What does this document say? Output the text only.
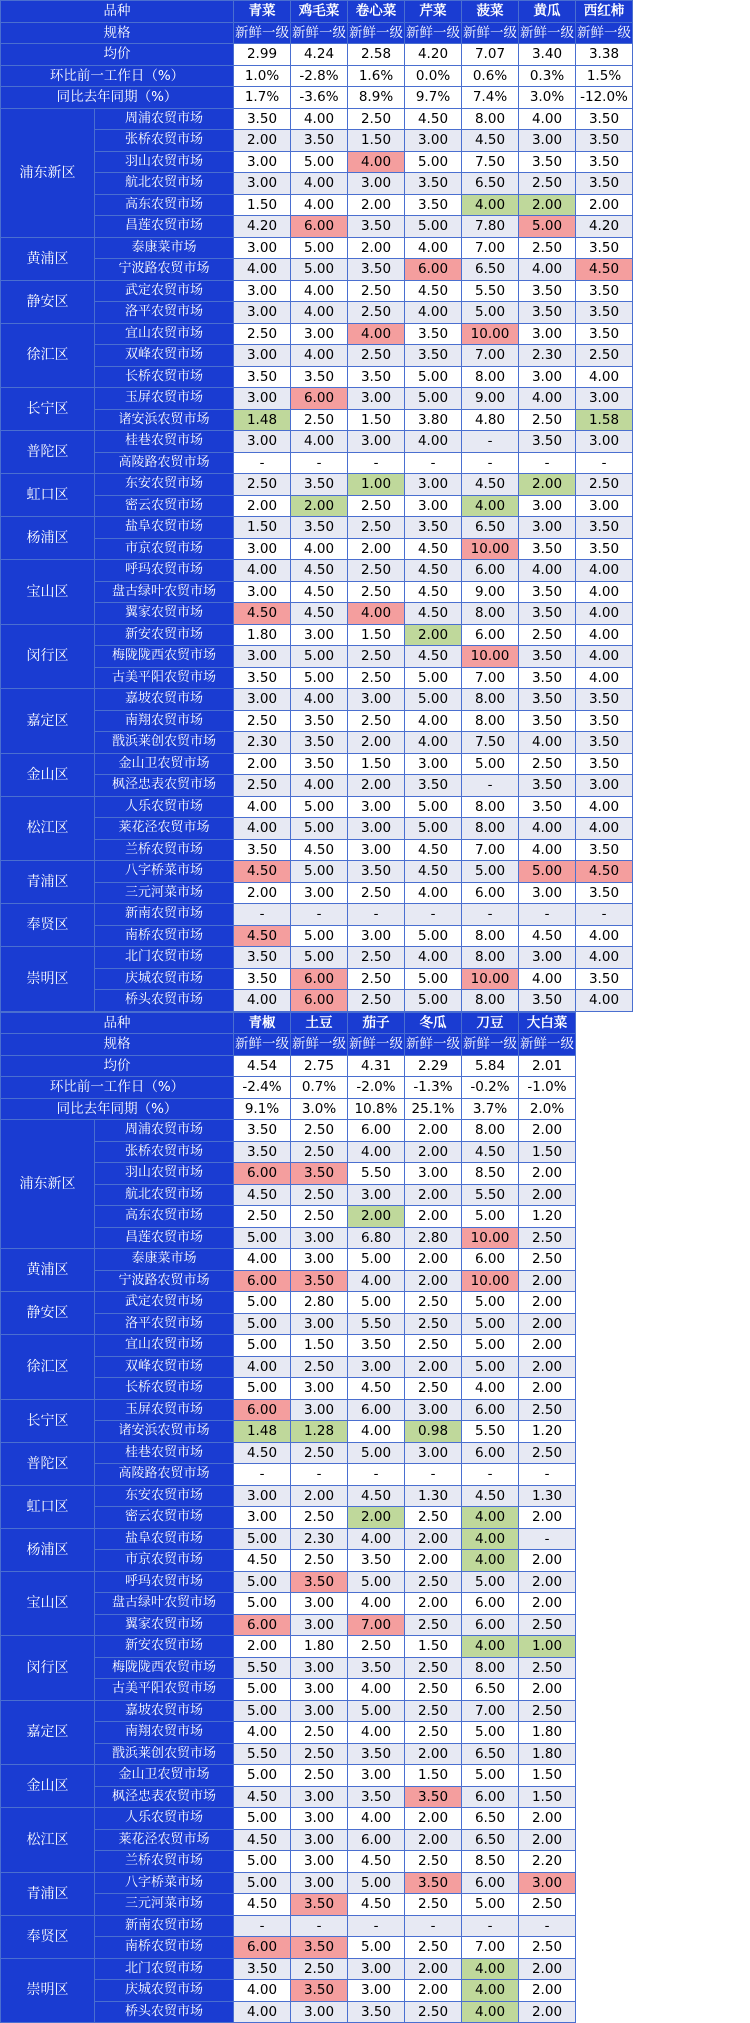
品种		青菜	鸡毛菜	卷心菜	芹菜	菠菜	黄瓜	西红柿
规格		新鲜一级	新鲜一级	新鲜一级	新鲜一级	新鲜一级	新鲜一级	新鲜一级
均价		2.99	4.24	2.58	4.20	7.07	3.40	3.38
环比前一工作日（%）		1.0%	-2.8%	1.6%	0.0%	0.6%	0.3%	1.5%
同比去年同期（%）		1.7%	-3.6%	8.9%	9.7%	7.4%	3.0%	-12.0%
浦东新区	周浦农贸市场	3.50	4.00	2.50	4.50	8.00	4.00	3.50
	张桥农贸市场	2.00	3.50	1.50	3.00	4.50	3.00	3.50
	羽山农贸市场	3.00	5.00	4.00	5.00	7.50	3.50	3.50
	航北农贸市场	3.00	4.00	3.00	3.50	6.50	2.50	3.50
	高东农贸市场	1.50	4.00	2.00	3.50	4.00	2.00	2.00
	昌莲农贸市场	4.20	6.00	3.50	5.00	7.80	5.00	4.20
黄浦区	泰康菜市场	3.00	5.00	2.00	4.00	7.00	2.50	3.50
	宁波路农贸市场	4.00	5.00	3.50	6.00	6.50	4.00	4.50
静安区	武定农贸市场	3.00	4.00	2.50	4.50	5.50	3.50	3.50
	洛平农贸市场	3.00	4.00	2.50	4.00	5.00	3.50	3.50
徐汇区	宜山农贸市场	2.50	3.00	4.00	3.50	10.00	3.00	3.50
	双峰农贸市场	3.00	4.00	2.50	3.50	7.00	2.30	2.50
	长桥农贸市场	3.50	3.50	3.50	5.00	8.00	3.00	4.00
长宁区	玉屏农贸市场	3.00	6.00	3.00	5.00	9.00	4.00	3.00
	诸安浜农贸市场	1.48	2.50	1.50	3.80	4.80	2.50	1.58
普陀区	桂巷农贸市场	3.00	4.00	3.00	4.00	-	3.50	3.00
	高陵路农贸市场	-	-	-	-	-	-	-
虹口区	东安农贸市场	2.50	3.50	1.00	3.00	4.50	2.00	2.50
	密云农贸市场	2.00	2.00	2.50	3.00	4.00	3.00	3.00
杨浦区	盐阜农贸市场	1.50	3.50	2.50	3.50	6.50	3.00	3.50
	市京农贸市场	3.00	4.00	2.00	4.50	10.00	3.50	3.50
宝山区	呼玛农贸市场	4.00	4.50	2.50	4.50	6.00	4.00	4.00
	盘古绿叶农贸市场	3.00	4.50	2.50	4.50	9.00	3.50	4.00
	翼家农贸市场	4.50	4.50	4.00	4.50	8.00	3.50	4.00
闵行区	新安农贸市场	1.80	3.00	1.50	2.00	6.00	2.50	4.00
	梅陇陇西农贸市场	3.00	5.00	2.50	4.50	10.00	3.50	4.00
	古美平阳农贸市场	3.50	5.00	2.50	5.00	7.00	3.50	4.00
嘉定区	嘉坡农贸市场	3.00	4.00	3.00	5.00	8.00	3.50	3.50
	南翔农贸市场	2.50	3.50	2.50	4.00	8.00	3.50	3.50
	戬浜莱创农贸市场	2.30	3.50	2.00	4.00	7.50	4.00	3.50
金山区	金山卫农贸市场	2.00	3.50	1.50	3.00	5.00	2.50	3.50
	枫泾忠表农贸市场	2.50	4.00	2.00	3.50	-	3.50	3.00
松江区	人乐农贸市场	4.00	5.00	3.00	5.00	8.00	3.50	4.00
	莱花泾农贸市场	4.00	5.00	3.00	5.00	8.00	4.00	4.00
	兰桥农贸市场	3.50	4.50	3.00	4.50	7.00	4.00	3.50
青浦区	八字桥菜市场	4.50	5.00	3.50	4.50	5.00	5.00	4.50
	三元河菜市场	2.00	3.00	2.50	4.00	6.00	3.00	3.50
奉贤区	新南农贸市场	-	-	-	-	-	-	-
	南桥农贸市场	4.50	5.00	3.00	5.00	8.00	4.50	4.00
崇明区	北门农贸市场	3.50	5.00	2.50	4.00	8.00	3.00	4.00
	庆城农贸市场	3.50	6.00	2.50	5.00	10.00	4.00	3.50
	桥头农贸市场	4.00	6.00	2.50	5.00	8.00	3.50	4.00
品种		青椒	土豆	茄子	冬瓜	刀豆	大白菜	
规格		新鲜一级	新鲜一级	新鲜一级	新鲜一级	新鲜一级	新鲜一级	
均价		4.54	2.75	4.31	2.29	5.84	2.01	
环比前一工作日（%）		-2.4%	0.7%	-2.0%	-1.3%	-0.2%	-1.0%	
同比去年同期（%）		9.1%	3.0%	10.8%	25.1%	3.7%	2.0%	
浦东新区	周浦农贸市场	3.50	2.50	6.00	2.00	8.00	2.00	
	张桥农贸市场	3.50	2.50	4.00	2.00	4.50	1.50	
	羽山农贸市场	6.00	3.50	5.50	3.00	8.50	2.00	
	航北农贸市场	4.50	2.50	3.00	2.00	5.50	2.00	
	高东农贸市场	2.50	2.50	2.00	2.00	5.00	1.20	
	昌莲农贸市场	5.00	3.00	6.80	2.80	10.00	2.50	
黄浦区	泰康菜市场	4.00	3.00	5.00	2.00	6.00	2.50	
	宁波路农贸市场	6.00	3.50	4.00	2.00	10.00	2.00	
静安区	武定农贸市场	5.00	2.80	5.00	2.50	5.00	2.00	
	洛平农贸市场	5.00	3.00	5.50	2.50	5.00	2.00	
徐汇区	宜山农贸市场	5.00	1.50	3.50	2.50	5.00	2.00	
	双峰农贸市场	4.00	2.50	3.00	2.00	5.00	2.00	
	长桥农贸市场	5.00	3.00	4.50	2.50	4.00	2.00	
长宁区	玉屏农贸市场	6.00	3.00	6.00	3.00	6.00	2.50	
	诸安浜农贸市场	1.48	1.28	4.00	0.98	5.50	1.20	
普陀区	桂巷农贸市场	4.50	2.50	5.00	3.00	6.00	2.50	
	高陵路农贸市场	-	-	-	-	-	-	
虹口区	东安农贸市场	3.00	2.00	4.50	1.30	4.50	1.30	
	密云农贸市场	3.00	2.50	2.00	2.50	4.00	2.00	
杨浦区	盐阜农贸市场	5.00	2.30	4.00	2.00	4.00	-	
	市京农贸市场	4.50	2.50	3.50	2.00	4.00	2.00	
宝山区	呼玛农贸市场	5.00	3.50	5.00	2.50	5.00	2.00	
	盘古绿叶农贸市场	5.00	3.00	4.00	2.00	6.00	2.00	
	翼家农贸市场	6.00	3.00	7.00	2.50	6.00	2.50	
闵行区	新安农贸市场	2.00	1.80	2.50	1.50	4.00	1.00	
	梅陇陇西农贸市场	5.50	3.00	3.50	2.50	8.00	2.50	
	古美平阳农贸市场	5.00	3.00	4.00	2.50	6.50	2.00	
嘉定区	嘉坡农贸市场	5.00	3.00	5.00	2.50	7.00	2.50	
	南翔农贸市场	4.00	2.50	4.00	2.50	5.00	1.80	
	戬浜莱创农贸市场	5.50	2.50	3.50	2.00	6.50	1.80	
金山区	金山卫农贸市场	5.00	2.50	3.00	1.50	5.00	1.50	
	枫泾忠表农贸市场	4.50	3.00	3.50	3.50	6.00	1.50	
松江区	人乐农贸市场	5.00	3.00	4.00	2.00	6.50	2.00	
	莱花泾农贸市场	4.50	3.00	6.00	2.00	6.50	2.00	
	兰桥农贸市场	5.00	3.00	4.50	2.50	8.50	2.20	
青浦区	八字桥菜市场	5.00	3.00	5.00	3.50	6.00	3.00	
	三元河菜市场	4.50	3.50	4.50	2.50	5.00	2.50	
奉贤区	新南农贸市场	-	-	-	-	-	-	
	南桥农贸市场	6.00	3.50	5.00	2.50	7.00	2.50	
崇明区	北门农贸市场	3.50	2.50	3.00	2.00	4.00	2.00	
	庆城农贸市场	4.00	3.50	3.00	2.00	4.00	2.00	
	桥头农贸市场	4.00	3.00	3.50	2.50	4.00	2.00	
